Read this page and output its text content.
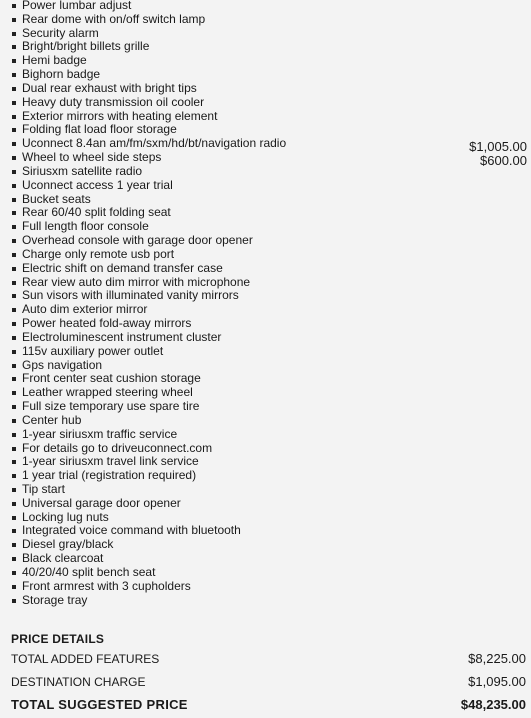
Power lumbar adjust
Rear dome with on/off switch lamp
Security alarm
Bright/bright billets grille
Hemi badge
Bighorn badge
Dual rear exhaust with bright tips
Heavy duty transmission oil cooler
Exterior mirrors with heating element
Folding flat load floor storage
Uconnect 8.4an am/fm/sxm/hd/bt/navigation radio	$1,005.00
Wheel to wheel side steps	$600.00
Siriusxm satellite radio
Uconnect access 1 year trial
Bucket seats
Rear 60/40 split folding seat
Full length floor console
Overhead console with garage door opener
Charge only remote usb port
Electric shift on demand transfer case
Rear view auto dim mirror with microphone
Sun visors with illuminated vanity mirrors
Auto dim exterior mirror
Power heated fold-away mirrors
Electroluminescent instrument cluster
115v auxiliary power outlet
Gps navigation
Front center seat cushion storage
Leather wrapped steering wheel
Full size temporary use spare tire
Center hub
1-year siriusxm traffic service
For details go to driveuconnect.com
1-year siriusxm travel link service
1 year trial (registration required)
Tip start
Universal garage door opener
Locking lug nuts
Integrated voice command with bluetooth
Diesel gray/black
Black clearcoat
40/20/40 split bench seat
Front armrest with 3 cupholders
Storage tray
PRICE DETAILS
TOTAL ADDED FEATURES	$8,225.00
DESTINATION CHARGE	$1,095.00
TOTAL SUGGESTED PRICE	$48,235.00
